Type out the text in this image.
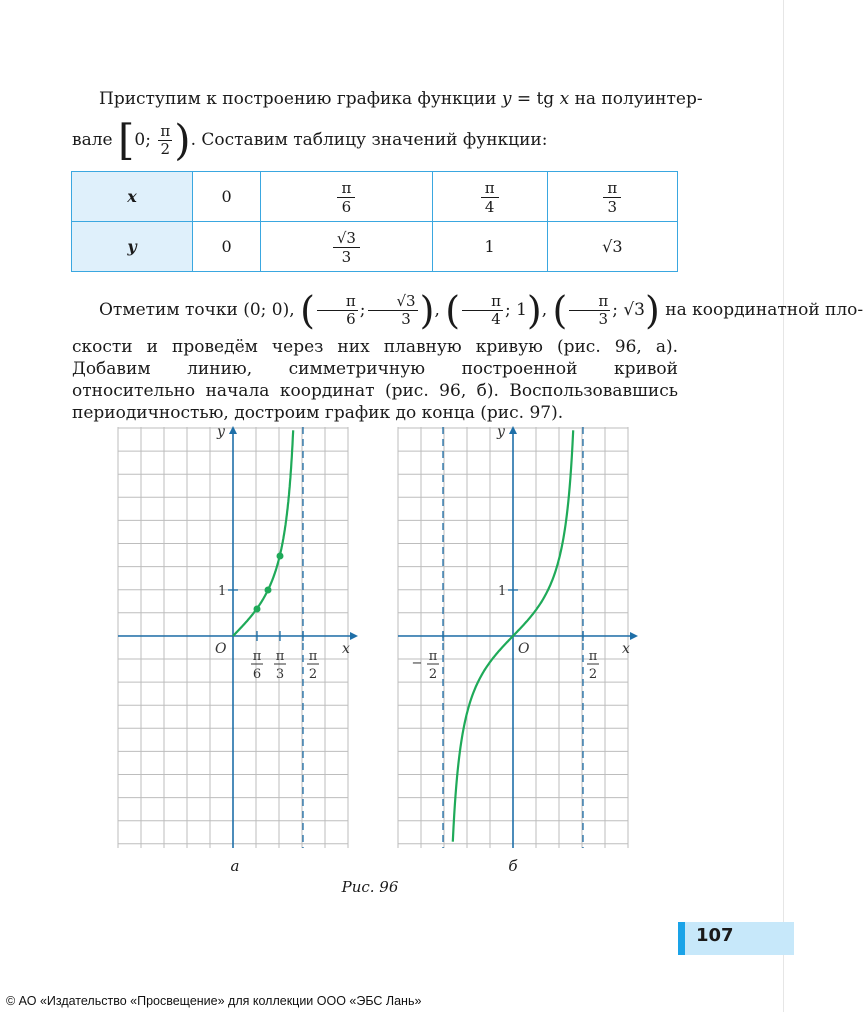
Приступим к построению графика функции y = tg x на полуинтер-
вале [0; $\frac{\pi}{2}$ ). Составим таблицу значений функции:
x	0	$\frac{\pi}{6}$	$\frac{\pi}{4}$	$\frac{\pi}{3}$

y	0	$\frac{√3}{3}$	1	√3
Отметим точки (0; 0), ( $\frac{\pi}{6}$ ; $\frac{√3}{3}$ ), ( $\frac{\pi}{4}$ ; 1), ( $\frac{\pi}{3}$ ; √3) на координатной пло-
скости и проведём через них плавную кривую (рис. 96, а). Добавим линию, симметричную построенной кривой относительно начала координат (рис. 96, б). Воспользовавшись периодичностью, достроим график до конца (рис. 97).
y
x
O
1
π
6
π
3
π
2
а
y
x
O
1
− π
2
π
2
б
Рис. 96
107
© АО «Издательство «Просвещение» для коллекции ООО «ЭБС Лань»
